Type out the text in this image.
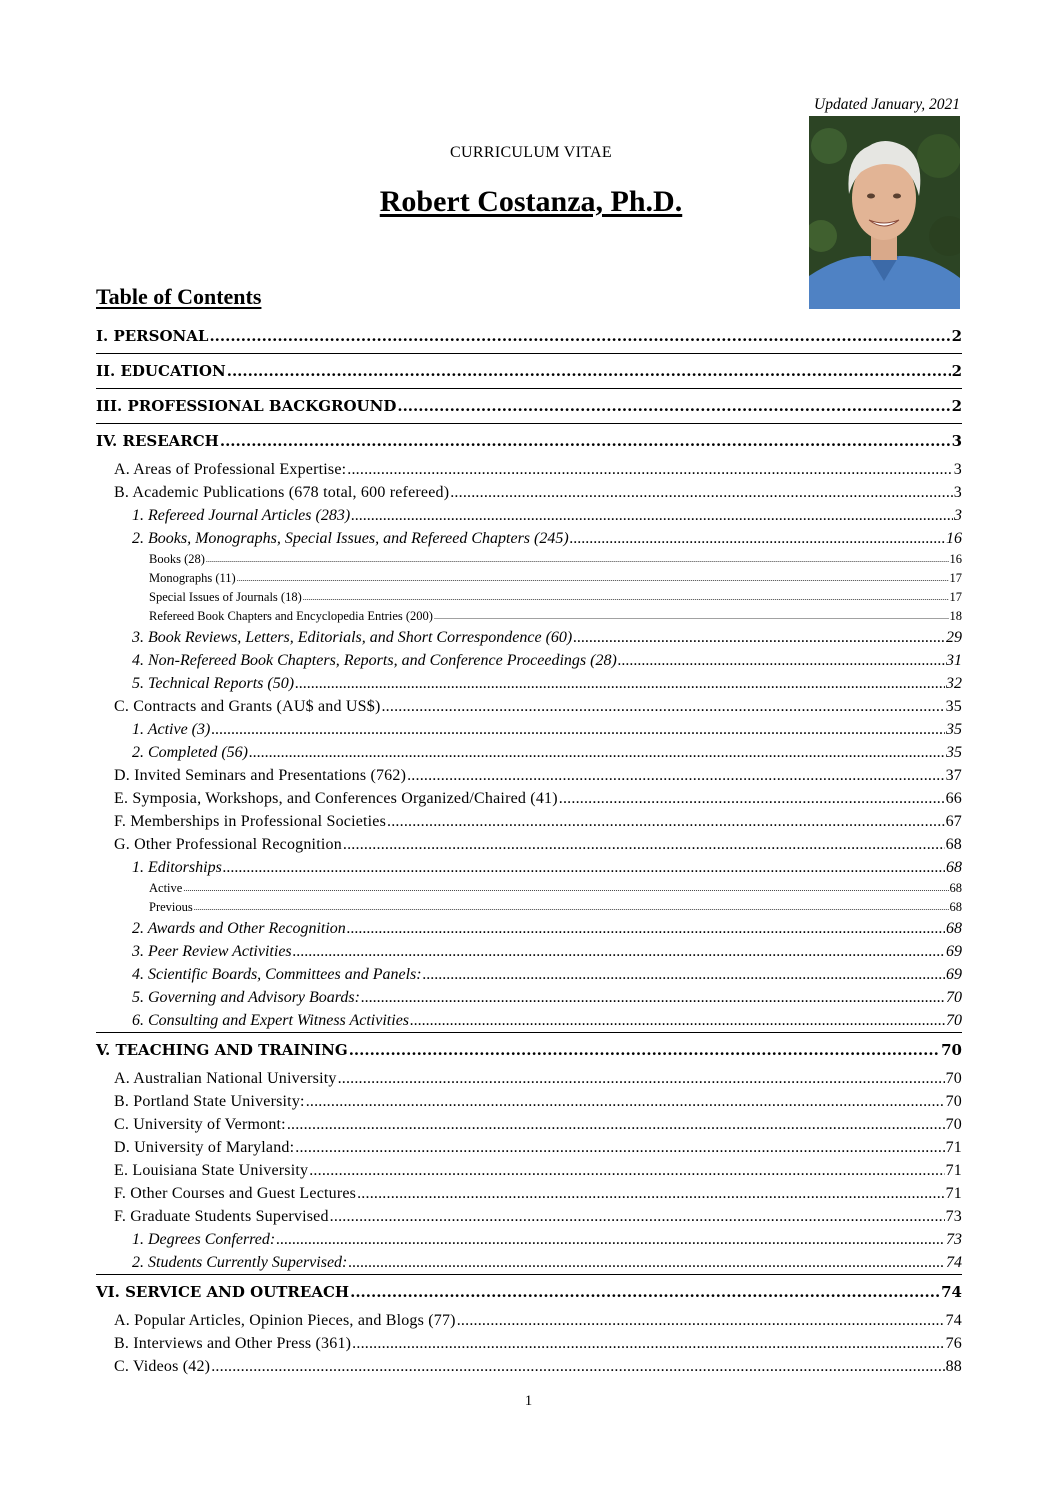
Updated January, 2021
CURRICULUM VITAE
Robert Costanza, Ph.D.
Table of Contents
I. PERSONAL .....	2
II. EDUCATION .....	2
III. PROFESSIONAL BACKGROUND .....	2
IV. RESEARCH .....	3
A. Areas of Professional Expertise: .....	3
B. Academic Publications (678 total, 600 refereed) .....	3
1. Refereed Journal Articles (283) .....	3
2. Books, Monographs, Special Issues, and Refereed Chapters (245) .....	16
Books (28) .....	16
Monographs (11) .....	17
Special Issues of Journals (18) .....	17
Refereed Book Chapters and Encyclopedia Entries (200) .....	18
3. Book Reviews, Letters, Editorials, and Short Correspondence (60) .....	29
4. Non-Refereed Book Chapters, Reports, and Conference Proceedings (28) .....	31
5. Technical Reports (50) .....	32
C. Contracts and Grants (AU$ and US$) .....	35
1. Active (3) .....	35
2. Completed (56) .....	35
D. Invited Seminars and Presentations (762) .....	37
E. Symposia, Workshops, and Conferences Organized/Chaired (41) .....	66
F. Memberships in Professional Societies .....	67
G. Other Professional Recognition .....	68
1. Editorships .....	68
Active .....	68
Previous .....	68
2. Awards and Other Recognition .....	68
3. Peer Review Activities .....	69
4. Scientific Boards, Committees and Panels: .....	69
5. Governing and Advisory Boards: .....	70
6. Consulting and Expert Witness Activities .....	70
V. TEACHING AND TRAINING .....	70
A. Australian National University .....	70
B. Portland State University: .....	70
C. University of Vermont: .....	70
D. University of Maryland: .....	71
E. Louisiana State University .....	71
F. Other Courses and Guest Lectures .....	71
F. Graduate Students Supervised .....	73
1. Degrees Conferred: .....	73
2. Students Currently Supervised: .....	74
VI. SERVICE AND OUTREACH .....	74
A. Popular Articles, Opinion Pieces, and Blogs (77) .....	74
B. Interviews and Other Press (361) .....	76
C. Videos (42) .....	88
1
